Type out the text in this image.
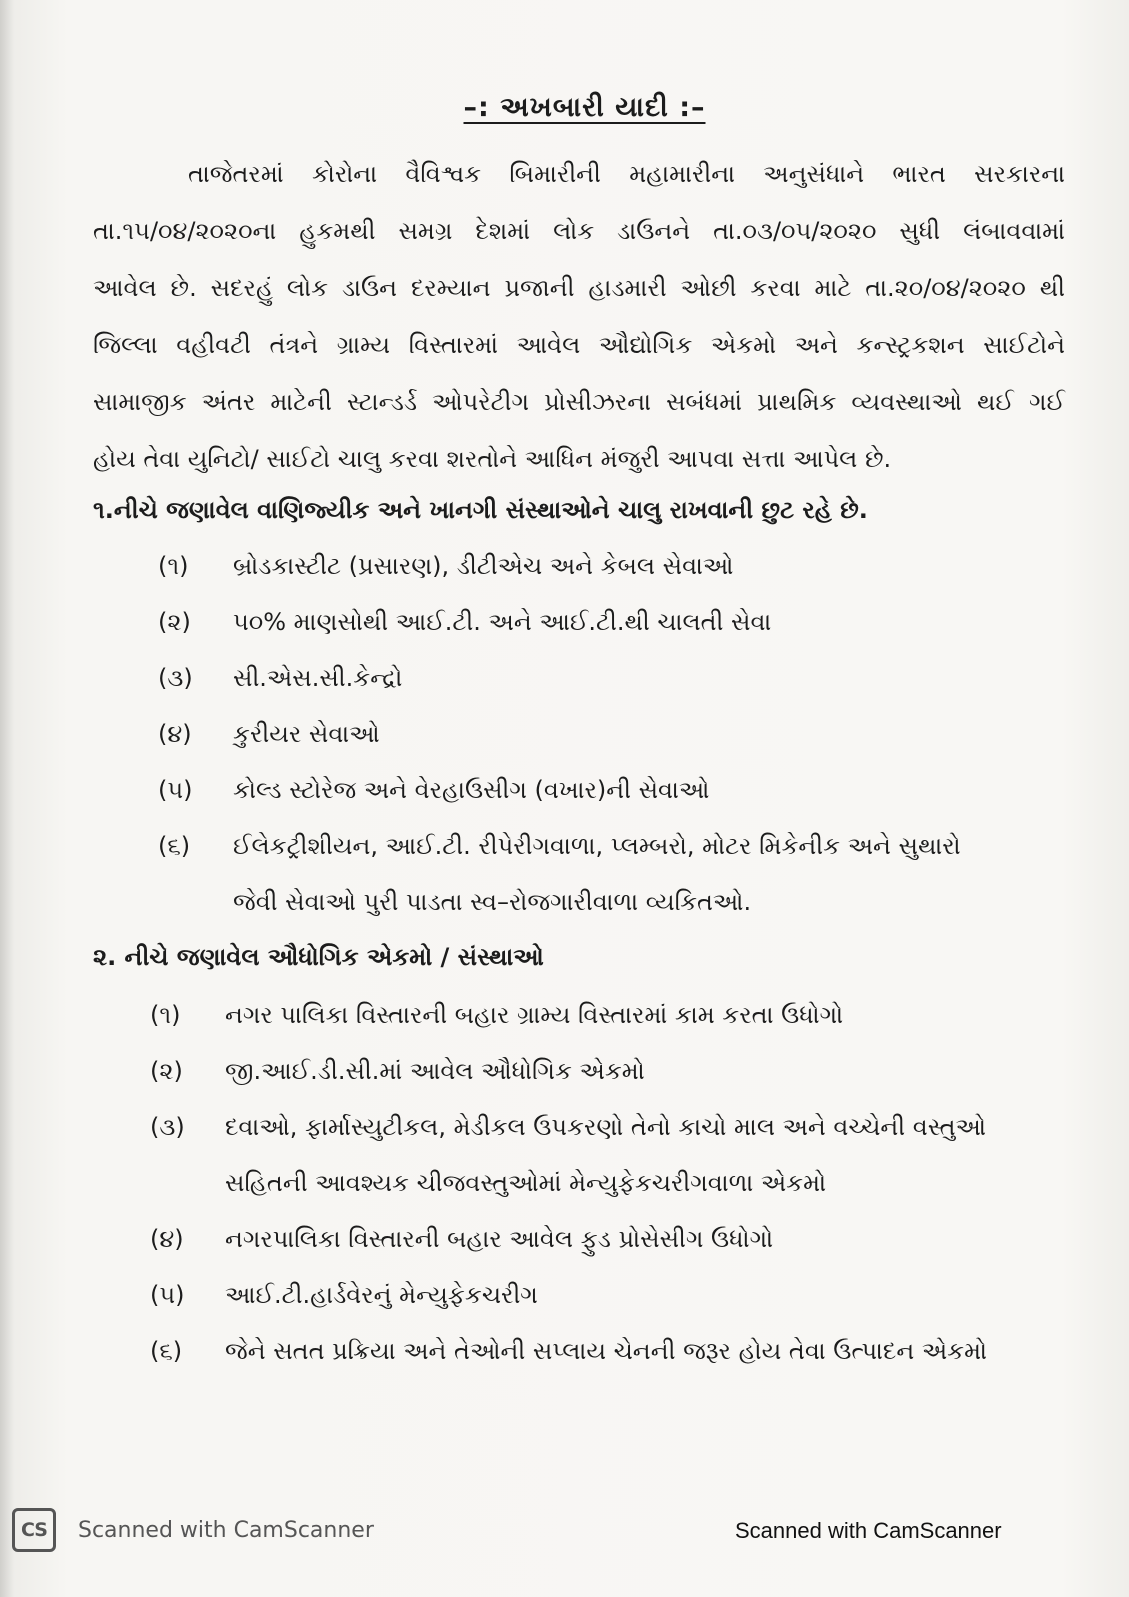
–: અખબારી યાદી :–
તાજેતરમાં કોરોના વૈવિશ્વક બિમારીની મહામારીના અનુસંધાને ભારત સરકારના
તા.૧૫/૦૪/૨૦૨૦ના હુકમથી સમગ્ર દેશમાં લોક ડાઉનને તા.૦૩/૦૫/૨૦૨૦ સુધી લંબાવવામાં
આવેલ છે. સદરહું લોક ડાઉન દરમ્યાન પ્રજાની હાડમારી ઓછી કરવા માટે તા.૨૦/૦૪/૨૦૨૦ થી
જિલ્લા વહીવટી તંત્રને ગ્રામ્ય વિસ્તારમાં આવેલ ઔદ્યોગિક એકમો અને કન્સ્ટ્રકશન સાઈટોને
સામાજીક અંતર માટેની સ્ટાન્ડર્ડ ઓપરેટીગ પ્રોસીઝરના સબંધમાં પ્રાથમિક વ્યવસ્થાઓ થઈ ગઈ
હોય તેવા યુનિટો/ સાઈટો ચાલુ કરવા શરતોને આધિન મંજુરી આપવા સત્તા આપેલ છે.
૧.નીચે જણાવેલ વાણિજ્યીક અને ખાનગી સંસ્થાઓને ચાલુ રાખવાની છુટ રહે છે.
(૧) બ્રોડકાસ્ટીટ (પ્રસારણ), ડીટીએચ અને કેબલ સેવાઓ
(૨) ૫૦% માણસોથી આઈ.ટી. અને આઈ.ટી.થી ચાલતી સેવા
(૩) સી.એસ.સી.કેન્દ્રો
(૪) કુરીયર સેવાઓ
(૫) કોલ્ડ સ્ટોરેજ અને વેરહાઉસીગ (વખાર)ની સેવાઓ
(૬) ઈલેકટ્રીશીયન, આઈ.ટી. રીપેરીગવાળા, પ્લમ્બરો, મોટર મિકેનીક અને સુથારો
જેવી સેવાઓ પુરી પાડતા સ્વ–રોજગારીવાળા વ્યકિતઓ.
૨. નીચે જણાવેલ ઔધોગિક એકમો / સંસ્થાઓ
(૧) નગર પાલિકા વિસ્તારની બહાર ગ્રામ્ય વિસ્તારમાં કામ કરતા ઉધોગો
(૨) જી.આઈ.ડી.સી.માં આવેલ ઔધોગિક એકમો
(૩) દવાઓ, ફાર્માસ્યુટીકલ, મેડીકલ ઉપકરણો તેનો કાચો માલ અને વચ્ચેની વસ્તુઓ
સહિતની આવશ્યક ચીજવસ્તુઓમાં મેન્યુફેકચરીગવાળા એકમો
(૪) નગરપાલિકા વિસ્તારની બહાર આવેલ ફુડ પ્રોસેસીગ ઉધોગો
(૫) આઈ.ટી.હાર્ડવેરનું મેન્યુફેકચરીગ
(૬) જેને સતત પ્રક્રિયા અને તેઓની સપ્લાય ચેનની જરૂર હોય તેવા ઉત્પાદન એકમો
CS	Scanned with CamScanner	Scanned with CamScanner
